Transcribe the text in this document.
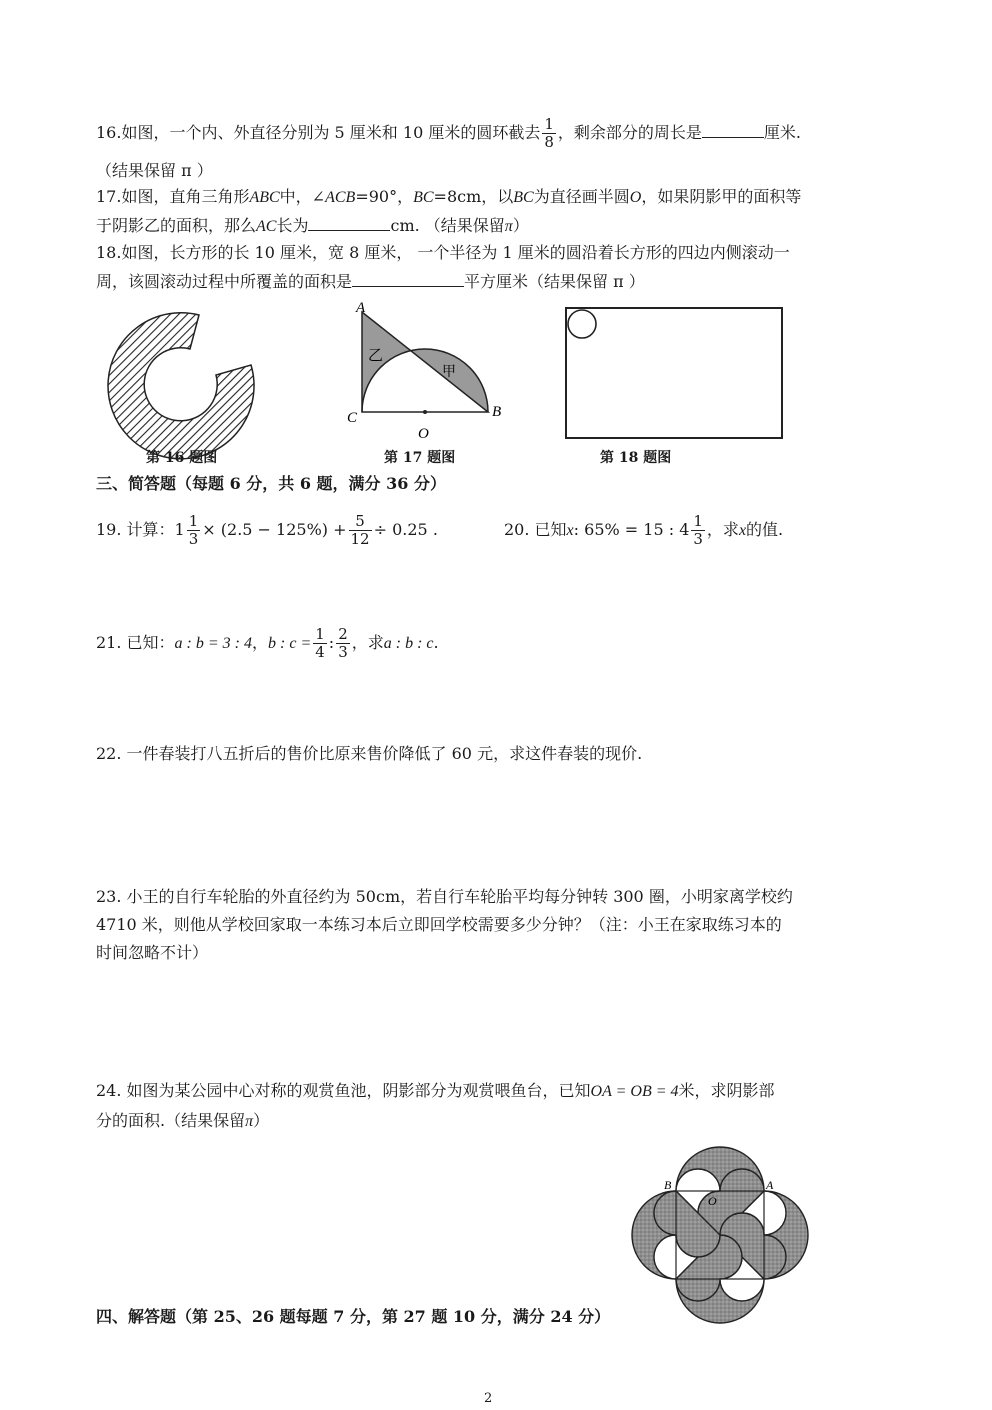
16.如图，一个内、外直径分别为 5 厘米和 10 厘米的圆环截去 $\frac{1}{8}$ ，剩余部分的周长是	厘米.
（结果保留 π ）
17.如图，直角三角形ABC中，∠ACB=90°，BC=8cm，以BC为直径画半圆O，如果阴影甲的面积等
于阴影乙的面积，那么AC长为	cm. （结果保留π）
18.如图，长方形的长 10 厘米，宽 8 厘米， 一个半径为 1 厘米的圆沿着长方形的四边内侧滚动一
周，该圆滚动过程中所覆盖的面积是	平方厘米（结果保留 π ）
第 16 题图
A
乙
甲
C	B
O
第 17 题图	第 18 题图
三、简答题（每题 6 分，共 6 题，满分 36 分）
19. 计算：$1 \frac{1}{3} \times (2.5 - 125\%) + \frac{5}{12} \div 0.25$ .	20. 已知x: 65% = 15 : $4 \frac{1}{3}$ ，求x的值.
21. 已知：a : b = 3 : 4，b : $c = \frac{1}{4}$ : $\frac{2}{3}$ ，求a : b : c.
22. 一件春装打八五折后的售价比原来售价降低了 60 元，求这件春装的现价.
23. 小王的自行车轮胎的外直径约为 50cm，若自行车轮胎平均每分钟转 300 圈，小明家离学校约
4710 米，则他从学校回家取一本练习本后立即回学校需要多少分钟？（注：小王在家取练习本的
时间忽略不计）
24. 如图为某公园中心对称的观赏鱼池，阴影部分为观赏喂鱼台，已知OA = OB = 4米，求阴影部
分的面积.（结果保留π）
B
O
A
四、解答题（第 25、26 题每题 7 分，第 27 题 10 分，满分 24 分）
2
